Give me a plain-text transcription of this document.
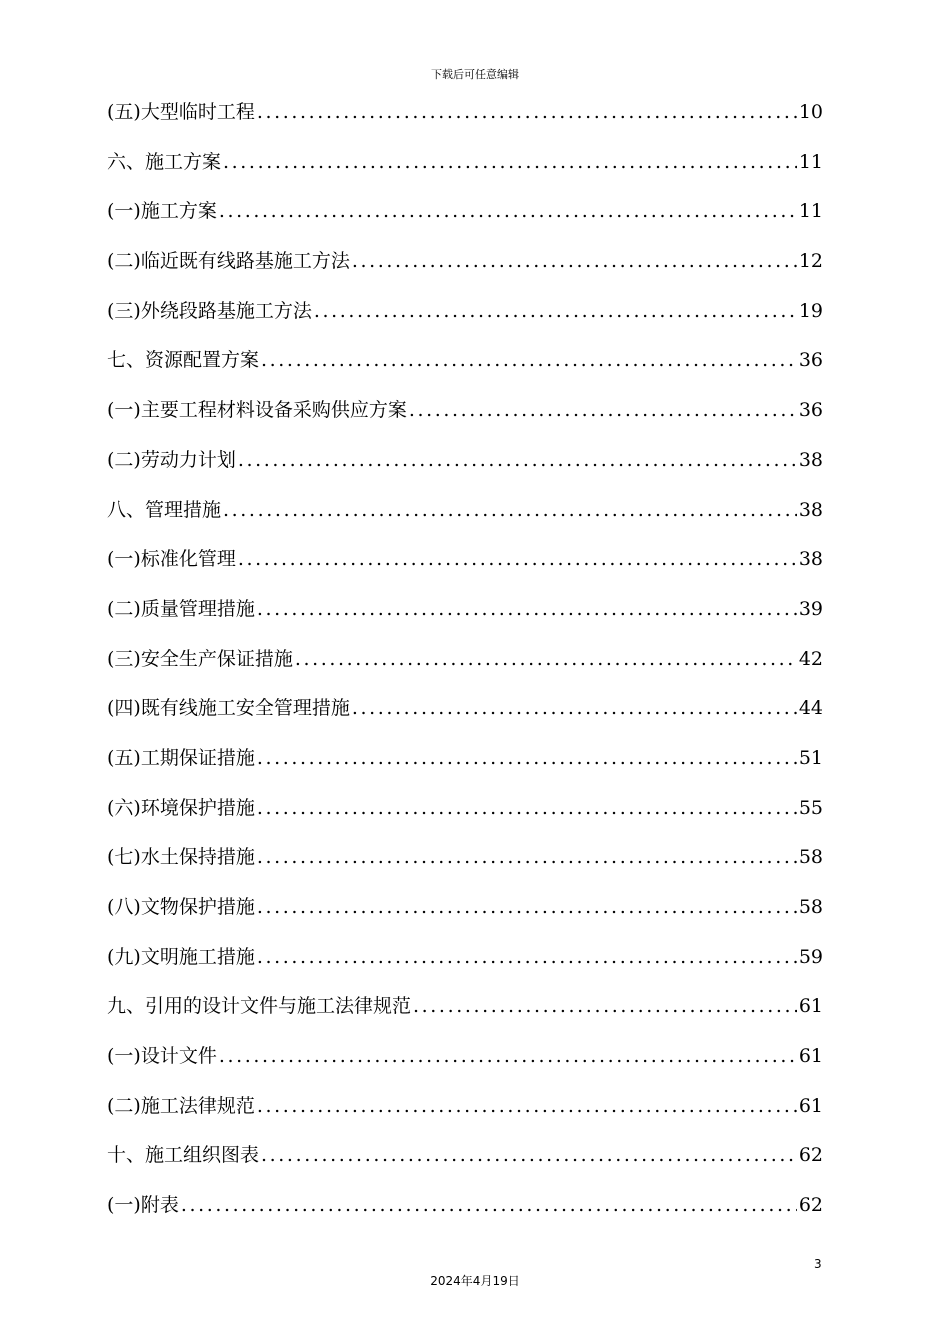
下载后可任意编辑
(五)大型临时工程 .....	10
六、施工方案 .....	11
(一)施工方案 .....	11
(二)临近既有线路基施工方法 .....	12
(三)外绕段路基施工方法 .....	19
七、资源配置方案 .....	36
(一)主要工程材料设备采购供应方案 .....	36
(二)劳动力计划 .....	38
八、管理措施 .....	38
(一)标准化管理 .....	38
(二)质量管理措施 .....	39
(三)安全生产保证措施 .....	42
(四)既有线施工安全管理措施 .....	44
(五)工期保证措施 .....	51
(六)环境保护措施 .....	55
(七)水土保持措施 .....	58
(八)文物保护措施 .....	58
(九)文明施工措施 .....	59
九、引用的设计文件与施工法律规范 .....	61
(一)设计文件 .....	61
(二)施工法律规范 .....	61
十、施工组织图表 .....	62
(一)附表 .....	62
3
2024年4月19日
